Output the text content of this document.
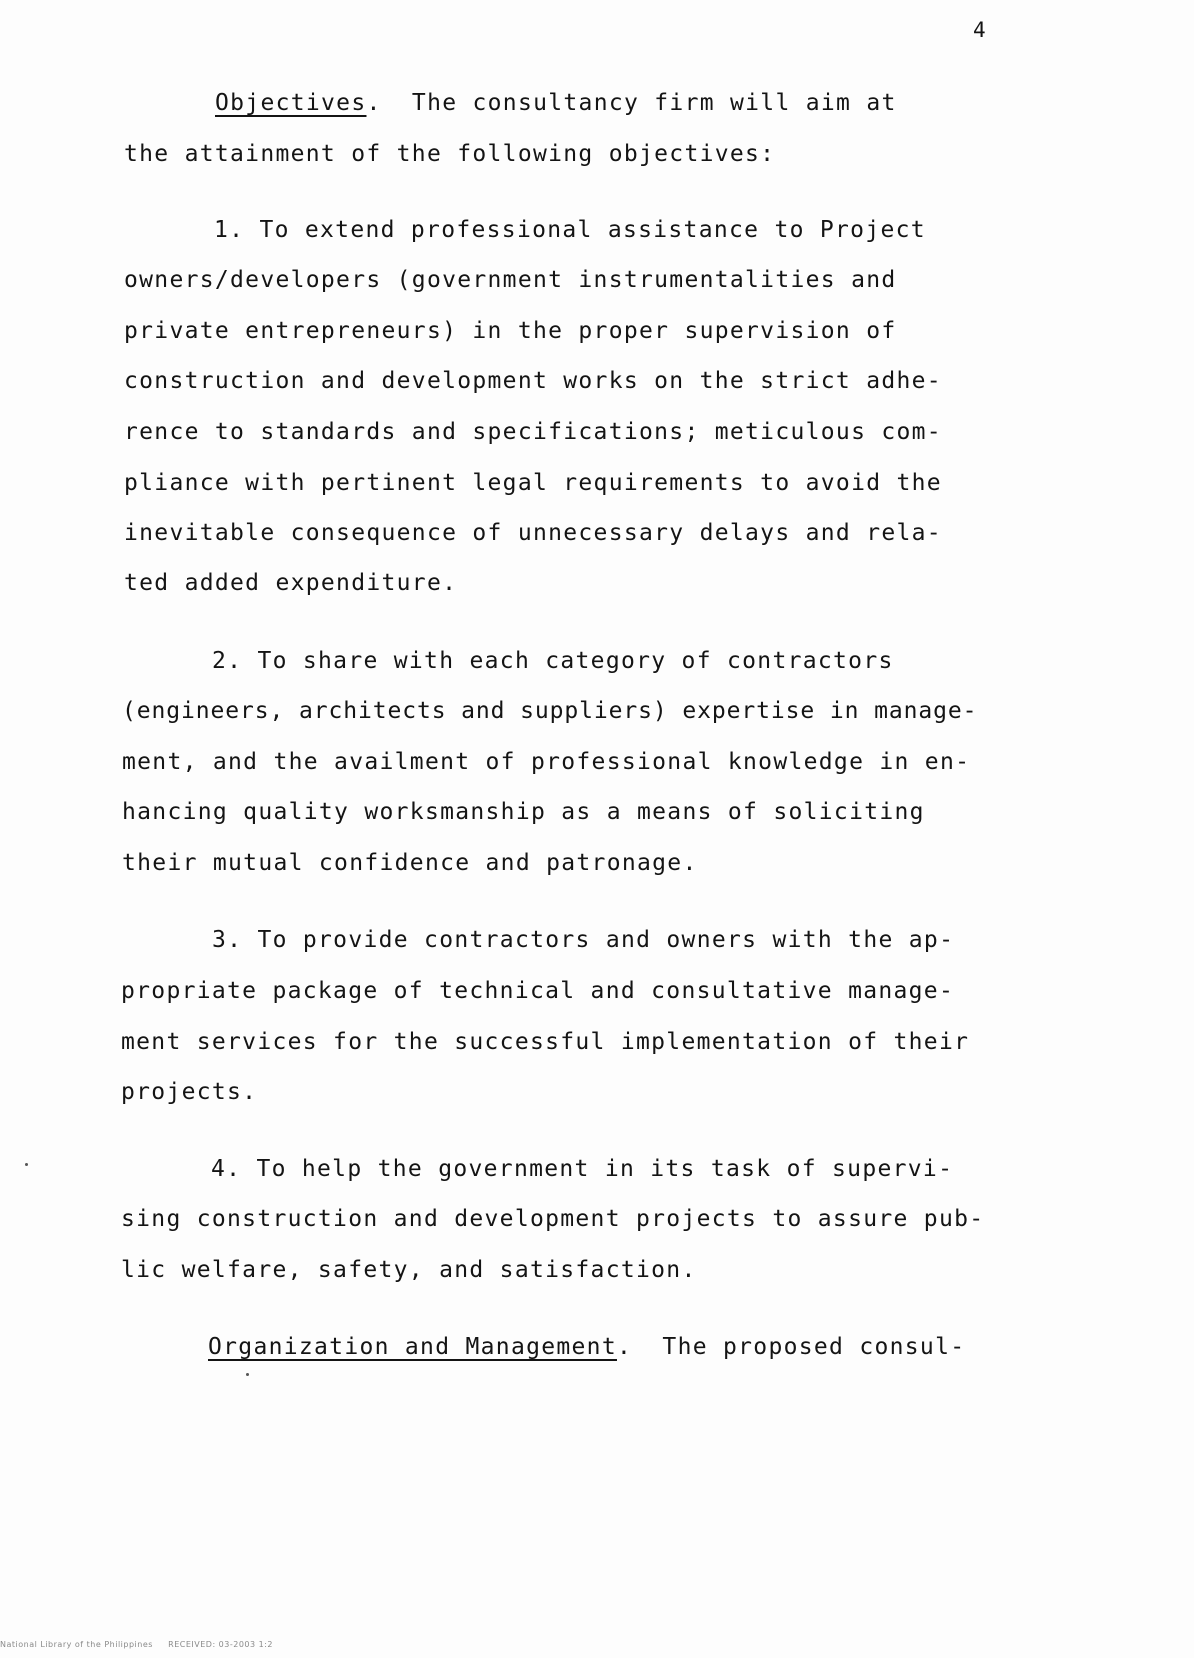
4
Objectives.  The consultancy firm will aim at
the attainment of the following objectives:
1. To extend professional assistance to Project
owners/developers (government instrumentalities and
private entrepreneurs) in the proper supervision of
construction and development works on the strict adhe-
rence to standards and specifications; meticulous com-
pliance with pertinent legal requirements to avoid the
inevitable consequence of unnecessary delays and rela-
ted added expenditure.
2. To share with each category of contractors
(engineers, architects and suppliers) expertise in manage-
ment, and the availment of professional knowledge in en-
hancing quality worksmanship as a means of soliciting
their mutual confidence and patronage.
3. To provide contractors and owners with the ap-
propriate package of technical and consultative manage-
ment services for the successful implementation of their
projects.
4. To help the government in its task of supervi-
sing construction and development projects to assure pub-
lic welfare, safety, and satisfaction.
Organization and Management.  The proposed consul-
National Library of the Philippines     RECEIVED: 03-2003 1:2
